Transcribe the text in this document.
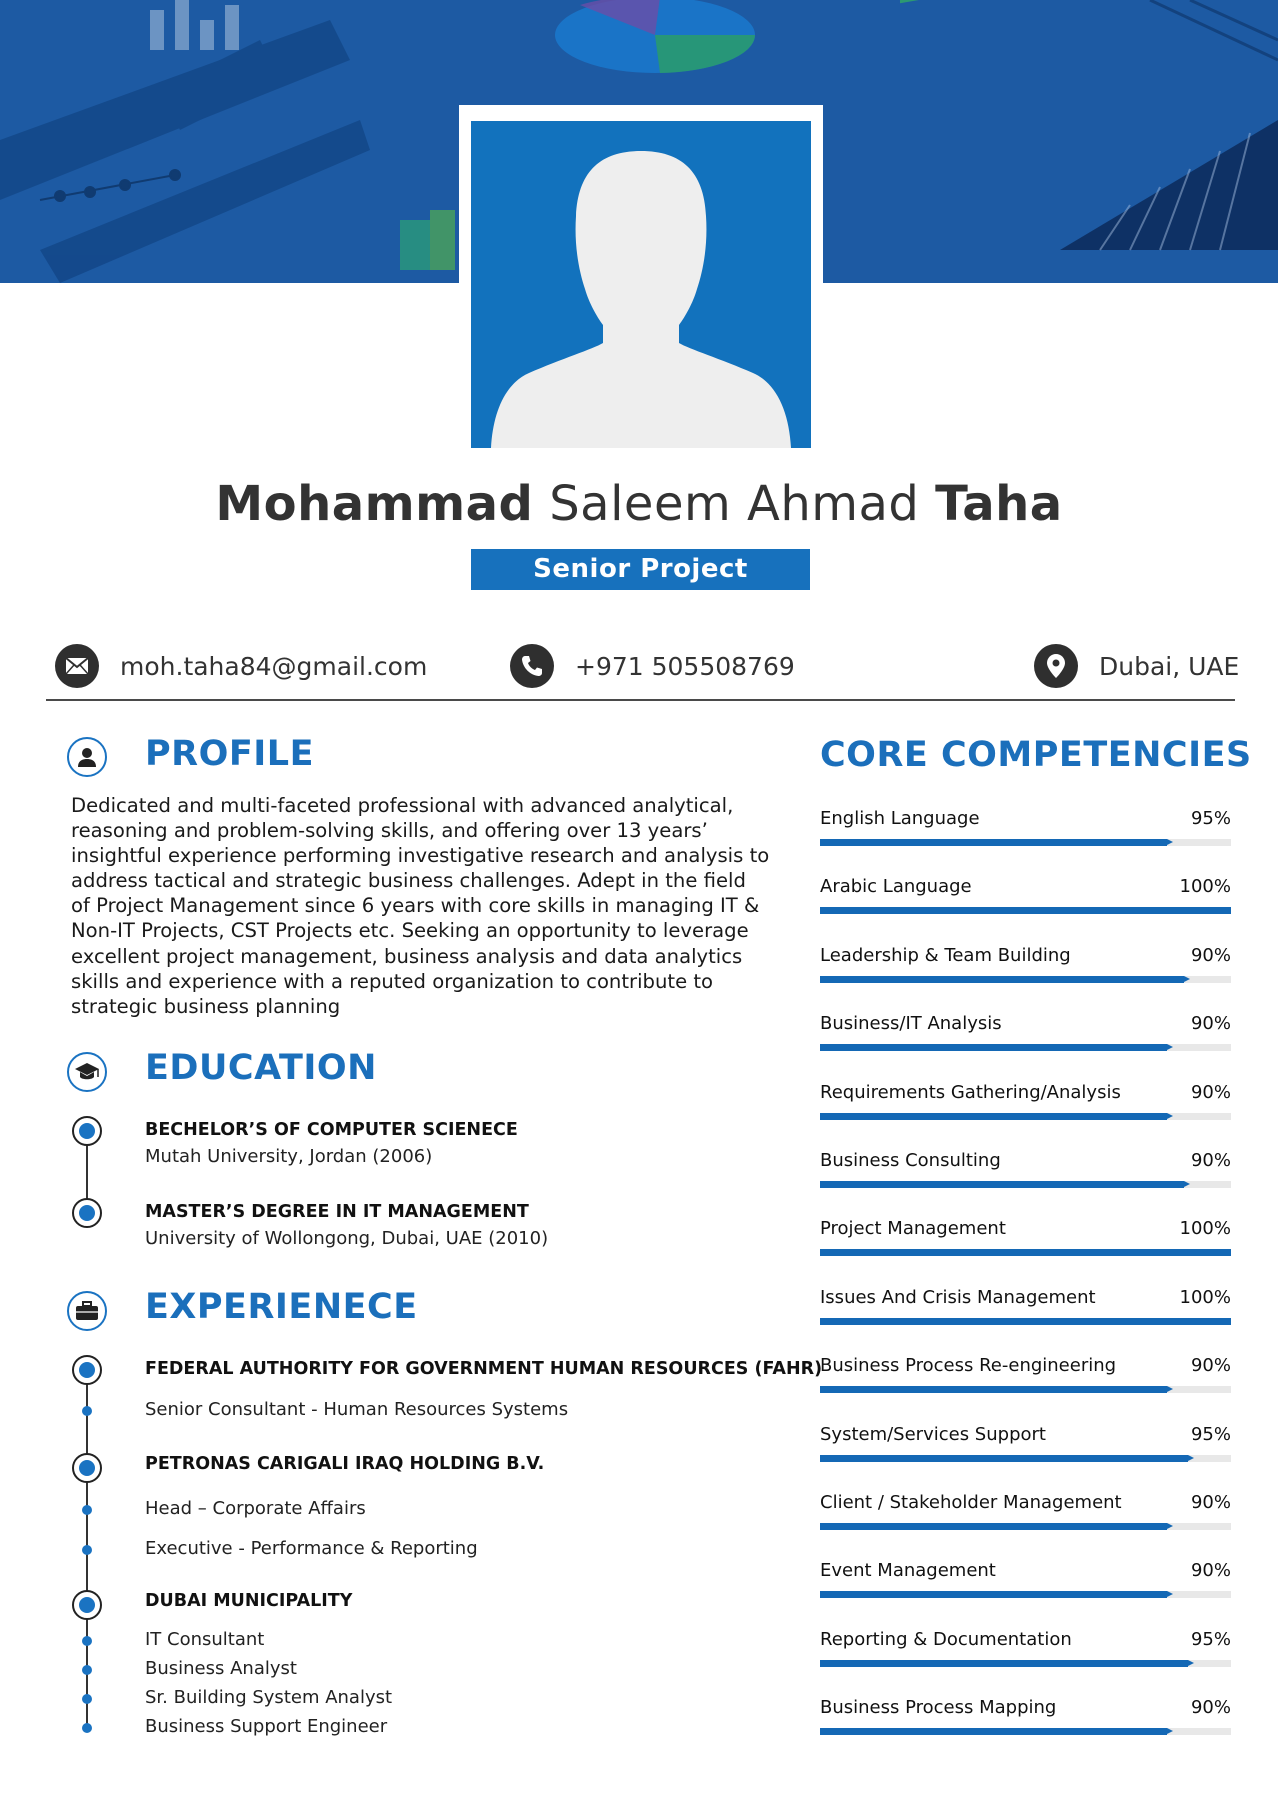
Mohammad Saleem Ahmad Taha
Senior Project Manager
moh.taha84@gmail.com	+971 505508769	Dubai, UAE
PROFILE
Dedicated and multi-faceted professional with advanced analytical, reasoning and problem-solving skills, and offering over 13 years’ insightful experience performing investigative research and analysis to address tactical and strategic business challenges. Adept in the field of Project Management since 6 years with core skills in managing IT & Non-IT Projects, CST Projects etc. Seeking an opportunity to leverage excellent project management, business analysis and data analytics skills and experience with a reputed organization to contribute to strategic business planning
EDUCATION
BECHELOR’S OF COMPUTER SCIENECE
Mutah University, Jordan (2006)
MASTER’S DEGREE IN IT MANAGEMENT
University of Wollongong, Dubai, UAE (2010)
EXPERIENECE
FEDERAL AUTHORITY FOR GOVERNMENT HUMAN RESOURCES (FAHR)
Senior Consultant - Human Resources Systems
PETRONAS CARIGALI IRAQ HOLDING B.V.
Head – Corporate Affairs
Executive - Performance & Reporting
DUBAI MUNICIPALITY
IT Consultant
Business Analyst
Sr. Building System Analyst
Business Support Engineer
CORE COMPETENCIES
English Language	95%
Arabic Language	100%
Leadership & Team Building	90%
Business/IT Analysis	90%
Requirements Gathering/Analysis	90%
Business Consulting	90%
Project Management	100%
Issues And Crisis Management	100%
Business Process Re-engineering	90%
System/Services Support	95%
Client / Stakeholder Management	90%
Event Management	90%
Reporting & Documentation	95%
Business Process Mapping	90%
